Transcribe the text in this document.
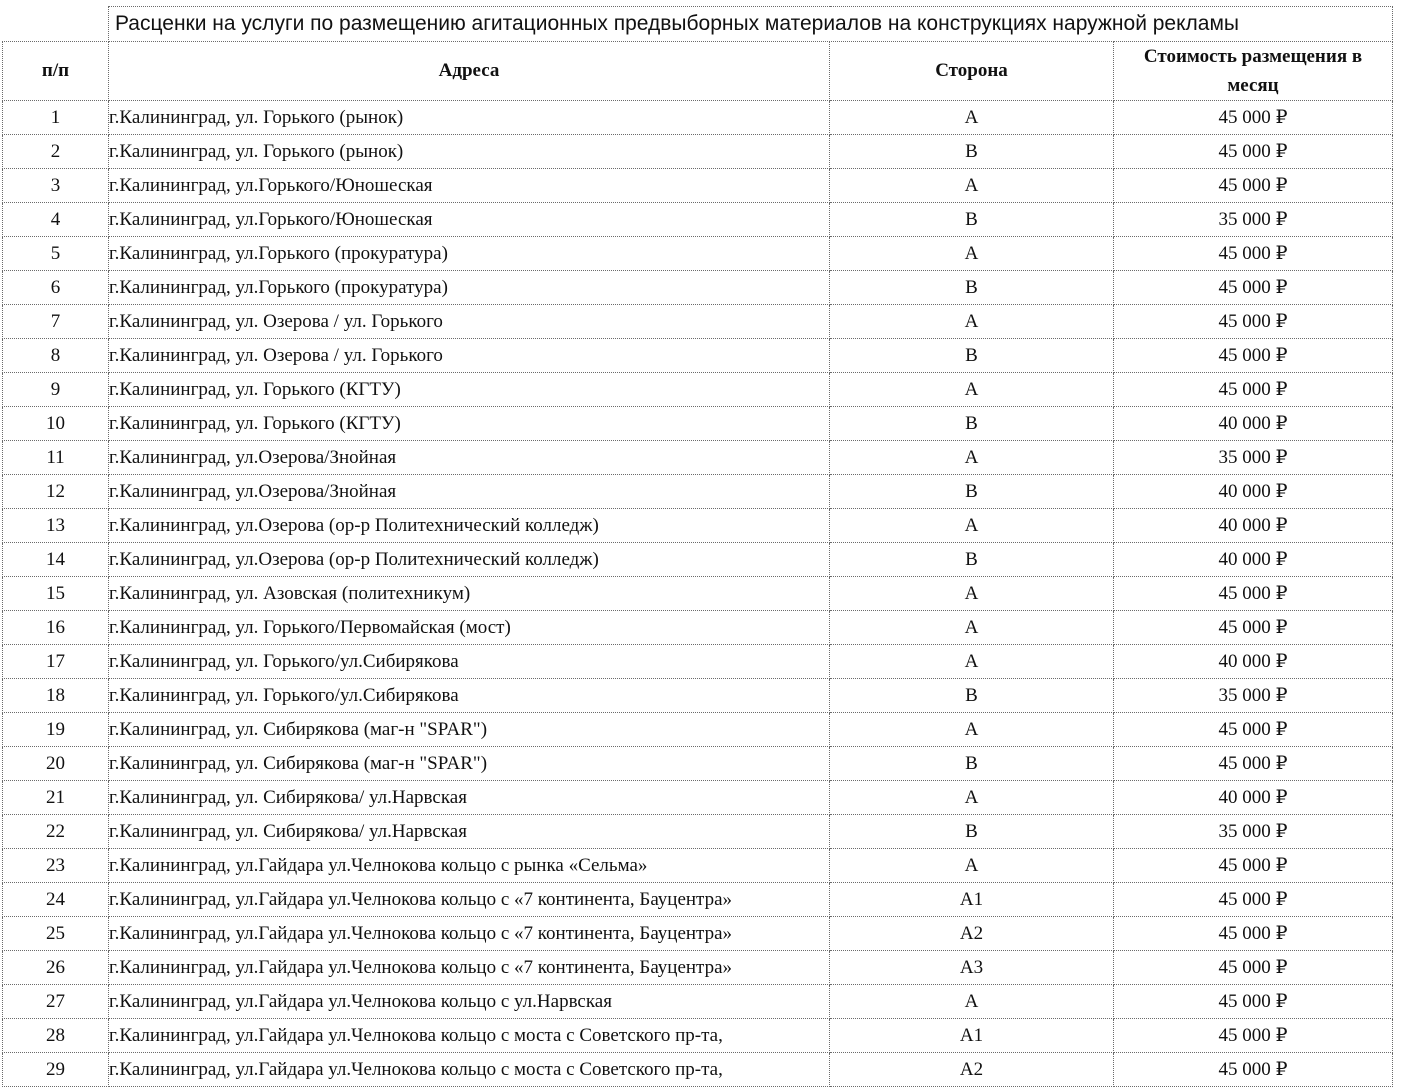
	Расценки на услуги по размещению агитационных предвыборных материалов на конструкциях наружной рекламы		
п/п	Адреса	Сторона	Стоимость размещения в месяц
1	г.Калининград, ул. Горького (рынок)	А	45 000 ₽
2	г.Калининград, ул. Горького (рынок)	В	45 000 ₽
3	г.Калининград, ул.Горького/Юношеская	А	45 000 ₽
4	г.Калининград, ул.Горького/Юношеская	В	35 000 ₽
5	г.Калининград, ул.Горького (прокуратура)	А	45 000 ₽
6	г.Калининград, ул.Горького (прокуратура)	В	45 000 ₽
7	г.Калининград, ул. Озерова / ул. Горького	А	45 000 ₽
8	г.Калининград, ул. Озерова / ул. Горького	В	45 000 ₽
9	г.Калининград, ул. Горького (КГТУ)	А	45 000 ₽
10	г.Калининград, ул. Горького (КГТУ)	В	40 000 ₽
11	г.Калининград, ул.Озерова/Знойная	А	35 000 ₽
12	г.Калининград, ул.Озерова/Знойная	В	40 000 ₽
13	г.Калининград, ул.Озерова (ор-р Политехнический колледж)	А	40 000 ₽
14	г.Калининград, ул.Озерова (ор-р Политехнический колледж)	В	40 000 ₽
15	г.Калининград, ул. Азовская (политехникум)	А	45 000 ₽
16	г.Калининград, ул. Горького/Первомайская (мост)	А	45 000 ₽
17	г.Калининград, ул. Горького/ул.Сибирякова	А	40 000 ₽
18	г.Калининград, ул. Горького/ул.Сибирякова	В	35 000 ₽
19	г.Калининград, ул. Сибирякова (маг-н "SPAR")	А	45 000 ₽
20	г.Калининград, ул. Сибирякова (маг-н "SPAR")	В	45 000 ₽
21	г.Калининград, ул. Сибирякова/ ул.Нарвская	А	40 000 ₽
22	г.Калининград, ул. Сибирякова/ ул.Нарвская	В	35 000 ₽
23	г.Калининград, ул.Гайдара ул.Челнокова кольцо с рынка «Сельма»	А	45 000 ₽
24	г.Калининград, ул.Гайдара ул.Челнокова кольцо с «7 континента, Бауцентра»	А1	45 000 ₽
25	г.Калининград, ул.Гайдара ул.Челнокова кольцо с «7 континента, Бауцентра»	А2	45 000 ₽
26	г.Калининград, ул.Гайдара ул.Челнокова кольцо с «7 континента, Бауцентра»	А3	45 000 ₽
27	г.Калининград, ул.Гайдара ул.Челнокова кольцо с ул.Нарвская	А	45 000 ₽
28	г.Калининград, ул.Гайдара ул.Челнокова кольцо с моста с Советского пр-та,	А1	45 000 ₽
29	г.Калининград, ул.Гайдара ул.Челнокова кольцо с моста с Советского пр-та,	А2	45 000 ₽
